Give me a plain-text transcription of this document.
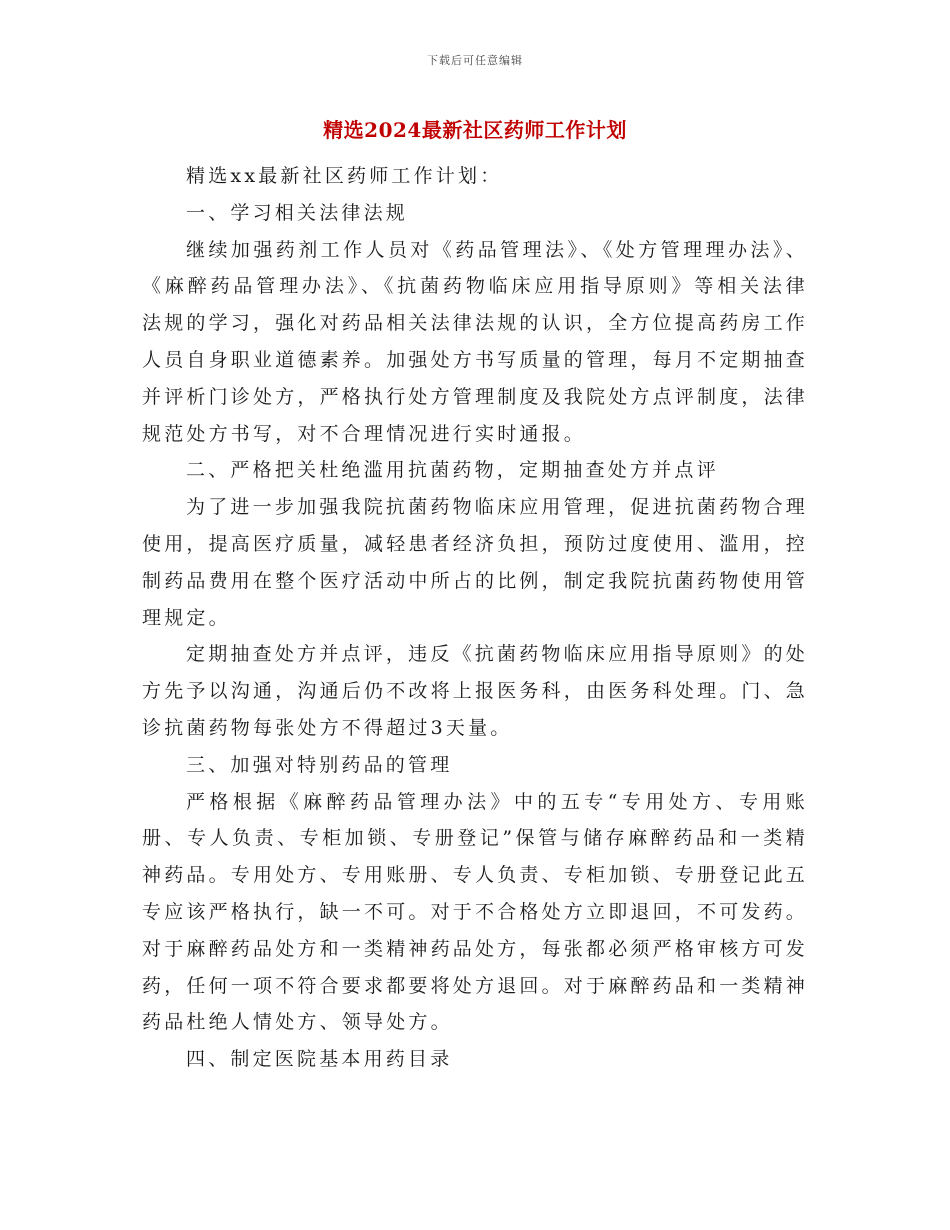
下载后可任意编辑
精选2024最新社区药师工作计划

精选xx最新社区药师工作计划：

一、学习相关法律法规

继续加强药剂工作人员对《药品管理法》、《处方管理理办法》、《麻醉药品管理办法》、《抗菌药物临床应用指导原则》等相关法律法规的学习，强化对药品相关法律法规的认识，全方位提高药房工作人员自身职业道德素养。加强处方书写质量的管理，每月不定期抽查并评析门诊处方，严格执行处方管理制度及我院处方点评制度，法律规范处方书写，对不合理情况进行实时通报。

二、严格把关杜绝滥用抗菌药物，定期抽查处方并点评

为了进一步加强我院抗菌药物临床应用管理，促进抗菌药物合理使用，提高医疗质量，减轻患者经济负担，预防过度使用、滥用，控制药品费用在整个医疗活动中所占的比例，制定我院抗菌药物使用管理规定。

定期抽查处方并点评，违反《抗菌药物临床应用指导原则》的处方先予以沟通，沟通后仍不改将上报医务科，由医务科处理。门、急诊抗菌药物每张处方不得超过3天量。

三、加强对特别药品的管理

严格根据《麻醉药品管理办法》中的五专“专用处方、专用账册、专人负责、专柜加锁、专册登记”保管与储存麻醉药品和一类精神药品。专用处方、专用账册、专人负责、专柜加锁、专册登记此五专应该严格执行，缺一不可。对于不合格处方立即退回，不可发药。对于麻醉药品处方和一类精神药品处方，每张都必须严格审核方可发药，任何一项不符合要求都要将处方退回。对于麻醉药品和一类精神药品杜绝人情处方、领导处方。

四、制定医院基本用药目录
